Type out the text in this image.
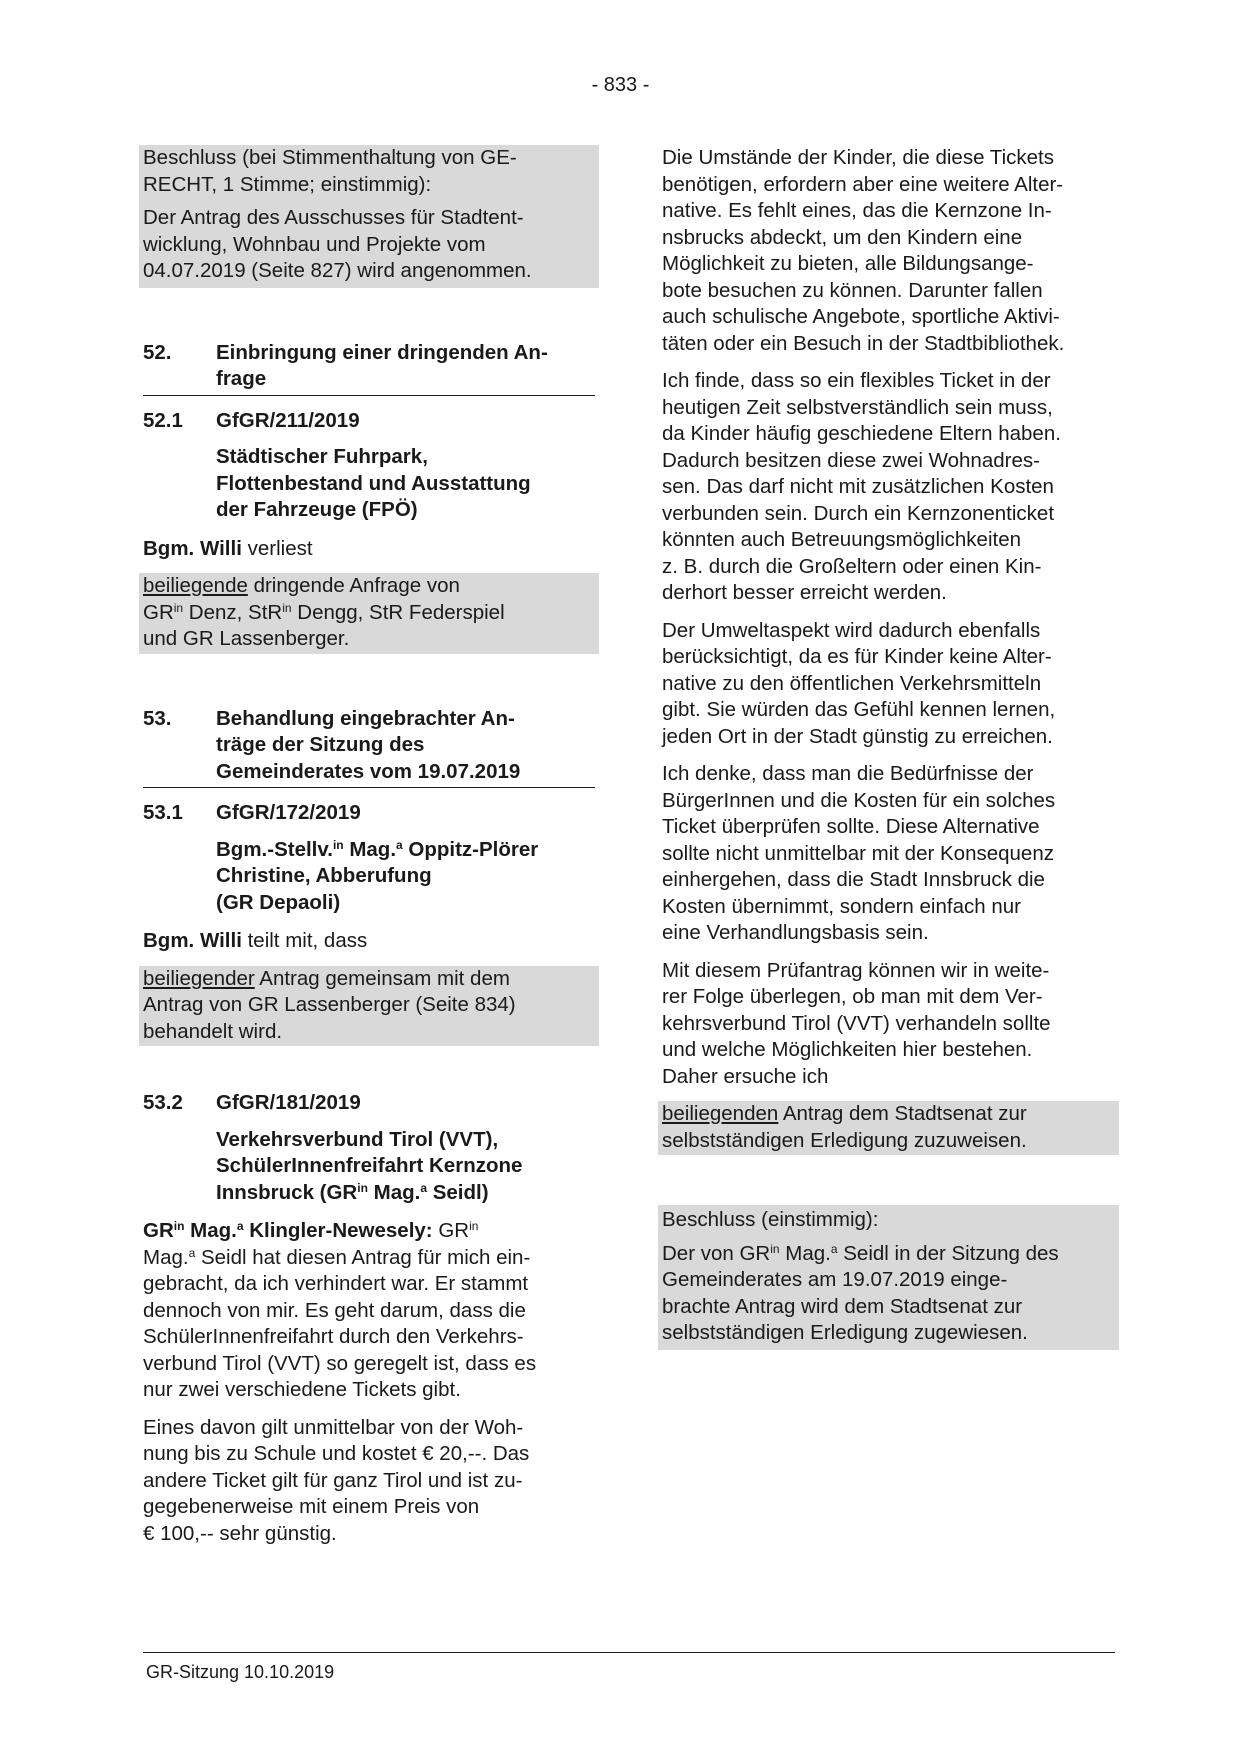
- 833 -
Beschluss (bei Stimmenthaltung von GE-
RECHT, 1 Stimme; einstimmig):
Der Antrag des Ausschusses für Stadtent-
wicklung, Wohnbau und Projekte vom
04.07.2019 (Seite 827) wird angenommen.
52.	Einbringung einer dringenden An-
frage
52.1	GfGR/211/2019
Städtischer Fuhrpark,
Flottenbestand und Ausstattung
der Fahrzeuge (FPÖ)
Bgm. Willi verliest
beiliegende dringende Anfrage von
$GR^{in}$ Denz, StR$^{in}$ Dengg, StR Federspiel
und GR Lassenberger.
53.	Behandlung eingebrachter An-
träge der Sitzung des
Gemeinderates vom 19.07.2019
53.1	GfGR/172/2019
Bgm.-Stellv.$^{in}$ Mag.$^a$ Oppitz-Plörer
Christine, Abberufung
(GR Depaoli)
Bgm. Willi teilt mit, dass
beiliegender Antrag gemeinsam mit dem
Antrag von GR Lassenberger (Seite 834)
behandelt wird.
53.2	GfGR/181/2019
Verkehrsverbund Tirol (VVT),
SchülerInnenfreifahrt Kernzone
Innsbruck ($GR^{in}$ Mag.$^a$ Seidl)
$GR^{in}$ Mag.$^a$ Klingler-Newesely: $GR^{in}$
Mag.$^a$ Seidl hat diesen Antrag für mich ein-
gebracht, da ich verhindert war. Er stammt
dennoch von mir. Es geht darum, dass die
SchülerInnenfreifahrt durch den Verkehrs-
verbund Tirol (VVT) so geregelt ist, dass es
nur zwei verschiedene Tickets gibt.
Eines davon gilt unmittelbar von der Woh-
nung bis zu Schule und kostet € 20,--. Das
andere Ticket gilt für ganz Tirol und ist zu-
gegebenerweise mit einem Preis von
€ 100,-- sehr günstig.
Die Umstände der Kinder, die diese Tickets
benötigen, erfordern aber eine weitere Alter-
native. Es fehlt eines, das die Kernzone In-
nsbrucks abdeckt, um den Kindern eine
Möglichkeit zu bieten, alle Bildungsange-
bote besuchen zu können. Darunter fallen
auch schulische Angebote, sportliche Aktivi-
täten oder ein Besuch in der Stadtbibliothek.
Ich finde, dass so ein flexibles Ticket in der
heutigen Zeit selbstverständlich sein muss,
da Kinder häufig geschiedene Eltern haben.
Dadurch besitzen diese zwei Wohnadres-
sen. Das darf nicht mit zusätzlichen Kosten
verbunden sein. Durch ein Kernzonenticket
könnten auch Betreuungsmöglichkeiten
z. B. durch die Großeltern oder einen Kin-
derhort besser erreicht werden.
Der Umweltaspekt wird dadurch ebenfalls
berücksichtigt, da es für Kinder keine Alter-
native zu den öffentlichen Verkehrsmitteln
gibt. Sie würden das Gefühl kennen lernen,
jeden Ort in der Stadt günstig zu erreichen.
Ich denke, dass man die Bedürfnisse der
BürgerInnen und die Kosten für ein solches
Ticket überprüfen sollte. Diese Alternative
sollte nicht unmittelbar mit der Konsequenz
einhergehen, dass die Stadt Innsbruck die
Kosten übernimmt, sondern einfach nur
eine Verhandlungsbasis sein.
Mit diesem Prüfantrag können wir in weite-
rer Folge überlegen, ob man mit dem Ver-
kehrsverbund Tirol (VVT) verhandeln sollte
und welche Möglichkeiten hier bestehen.
Daher ersuche ich
beiliegenden Antrag dem Stadtsenat zur
selbstständigen Erledigung zuzuweisen.
Beschluss (einstimmig):
Der von $GR^{in}$ Mag.$^a$ Seidl in der Sitzung des
Gemeinderates am 19.07.2019 einge-
brachte Antrag wird dem Stadtsenat zur
selbstständigen Erledigung zugewiesen.
GR-Sitzung 10.10.2019
